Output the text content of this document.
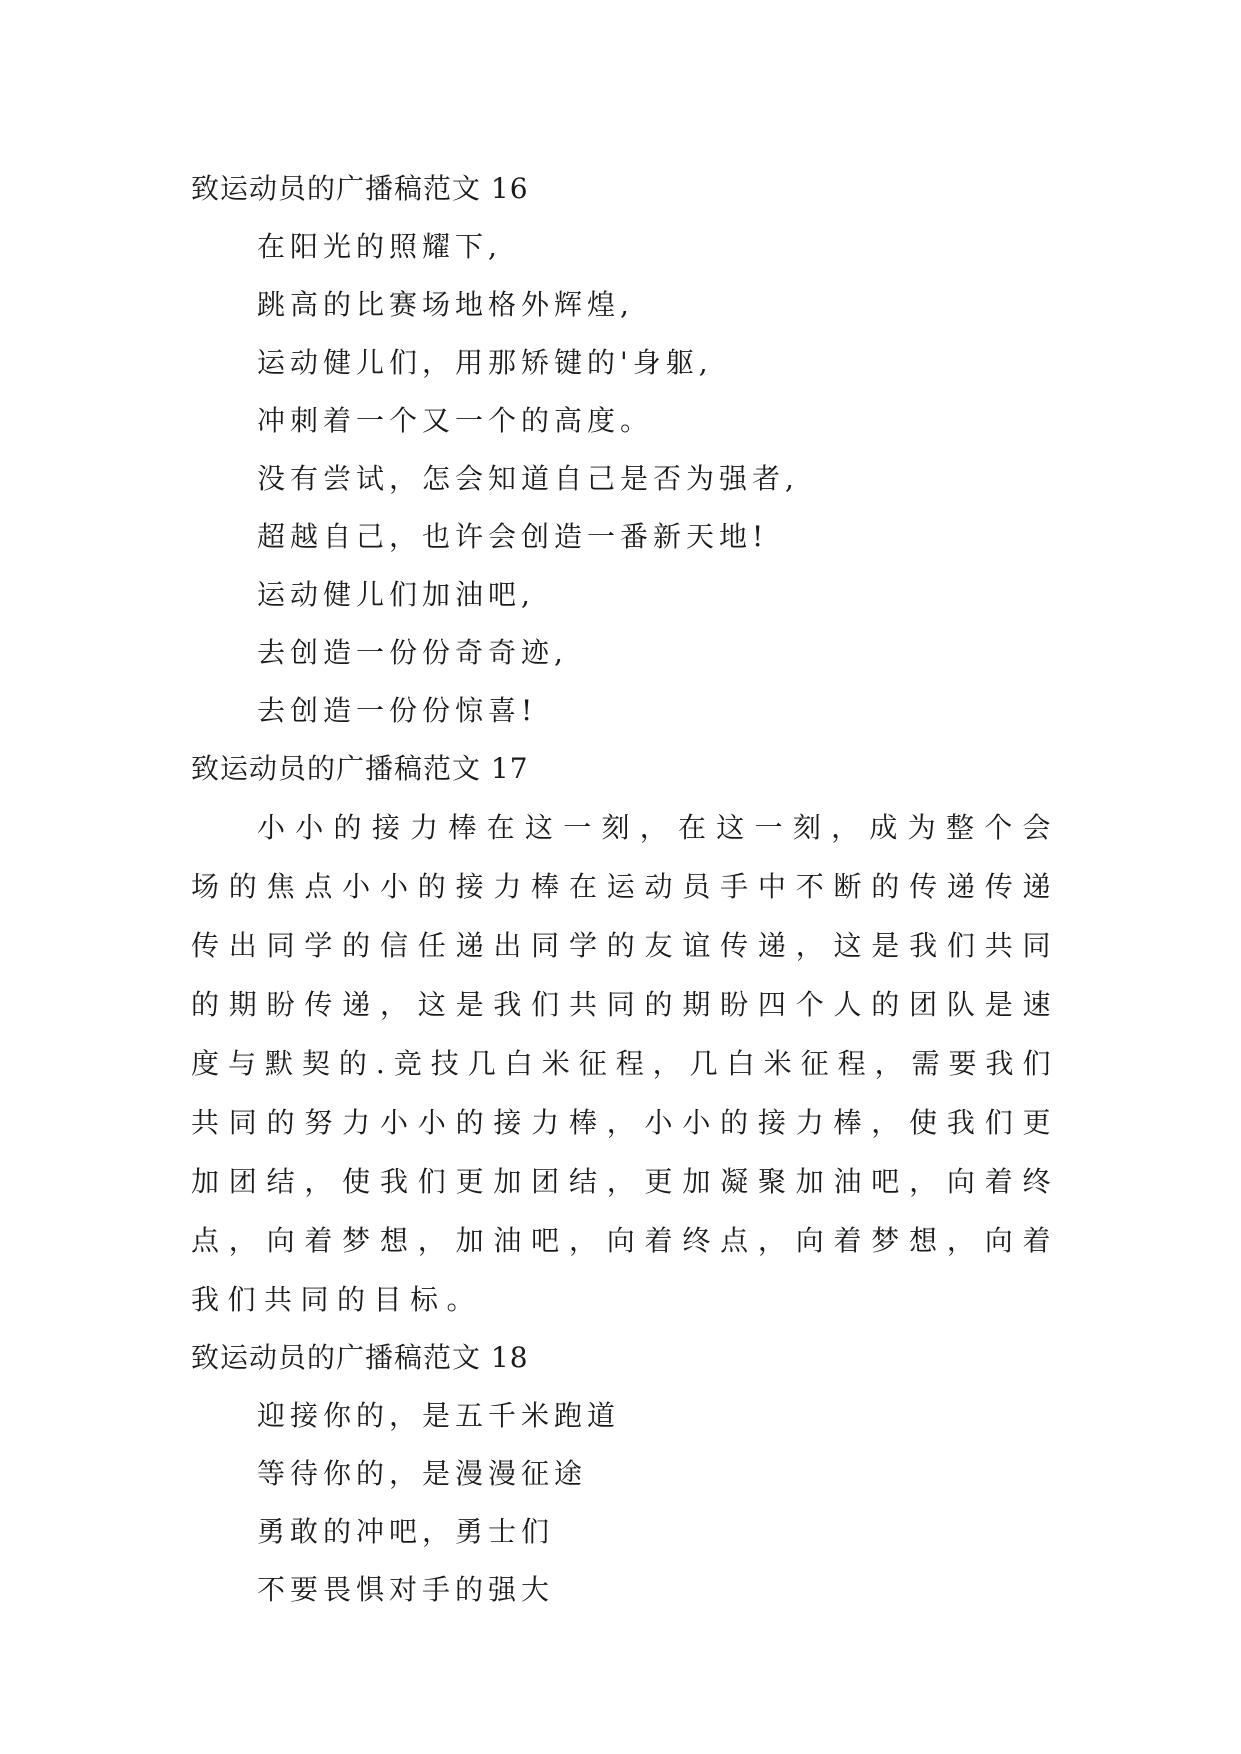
致运动员的广播稿范文 16
在阳光的照耀下,
跳高的比赛场地格外辉煌,
运动健儿们，用那矫键的'身躯,
冲刺着一个又一个的高度。
没有尝试，怎会知道自己是否为强者,
超越自己，也许会创造一番新天地!
运动健儿们加油吧,
去创造一份份奇奇迹,
去创造一份份惊喜!
致运动员的广播稿范文 17

小小的接力棒在这一刻，在这一刻，成为整个会场的焦点小小的接力棒在运动员手中不断的传递传递传出同学的信任递出同学的友谊传递，这是我们共同的期盼传递，这是我们共同的期盼四个人的团队是速度与默契的.竞技几白米征程，几白米征程，需要我们共同的努力小小的接力棒，小小的接力棒，使我们更加团结，使我们更加团结，更加凝聚加油吧，向着终点，向着梦想，加油吧，向着终点，向着梦想，向着我们共同的目标。

致运动员的广播稿范文 18
迎接你的，是五千米跑道
等待你的，是漫漫征途
勇敢的冲吧，勇士们
不要畏惧对手的强大
